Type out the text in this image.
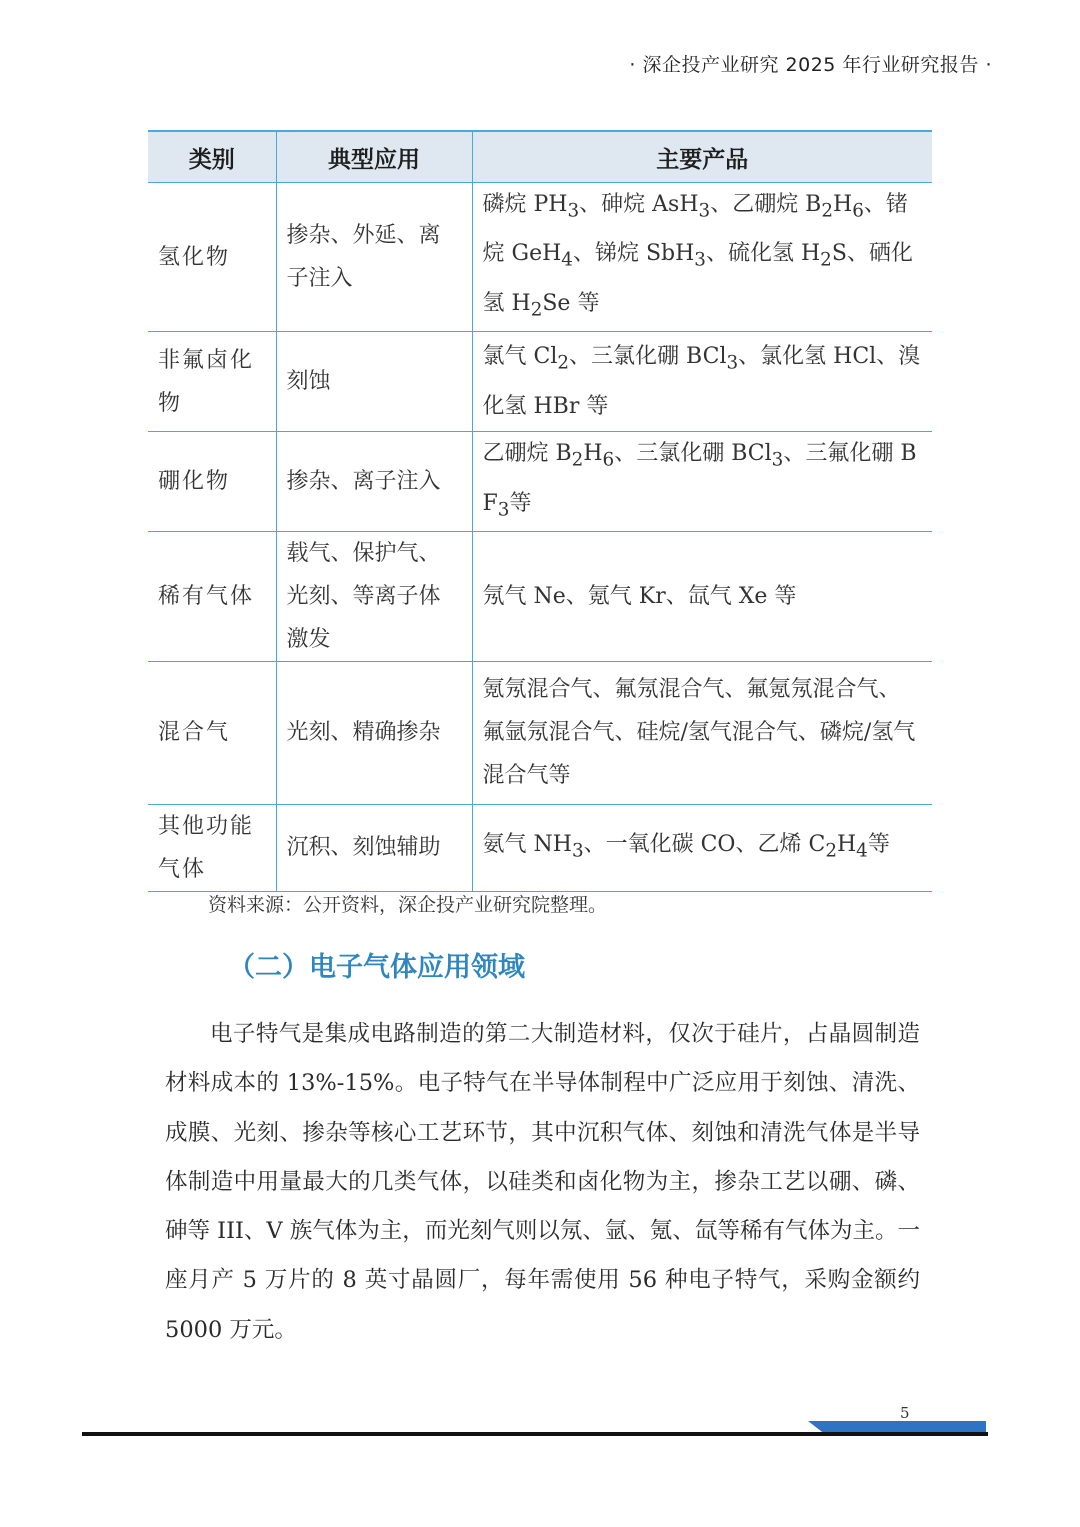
· 深企投产业研究 2025 年行业研究报告 ·
类别	典型应用	主要产品
氢化物	掺杂、外延、离子注入	磷烷 $PH_3$、砷烷 AsH$_3$、乙硼烷 $B_2H_6$、锗烷 GeH$_4$、锑烷 SbH$_3$、硫化氢 $H_2S$、硒化氢 $H_2Se$ 等
非氟卤化物	刻蚀	氯气 $Cl_2$、三氯化硼 BCl$_3$、氯化氢 HCl、溴化氢 HBr 等
硼化物	掺杂、离子注入	乙硼烷 $B_2H_6$、三氯化硼 BCl$_3$、三氟化硼 $BF_3$等
稀有气体	载气、保护气、光刻、等离子体激发	氖气 Ne、氪气 Kr、氙气 Xe 等
混合气	光刻、精确掺杂	氪氖混合气、氟氖混合气、氟氪氖混合气、氟氩氖混合气、硅烷/氢气混合气、磷烷/氢气混合气等
其他功能气体	沉积、刻蚀辅助	氨气 $NH_3$、一氧化碳 CO、乙烯 $C_2H_4$等
资料来源：公开资料，深企投产业研究院整理。
（二）电子气体应用领域

电子特气是集成电路制造的第二大制造材料，仅次于硅片，占晶圆制造材料成本的 13%-15%。电子特气在半导体制程中广泛应用于刻蚀、清洗、成膜、光刻、掺杂等核心工艺环节，其中沉积气体、刻蚀和清洗气体是半导体制造中用量最大的几类气体，以硅类和卤化物为主，掺杂工艺以硼、磷、砷等 III、V 族气体为主，而光刻气则以氖、氩、氪、氙等稀有气体为主。一座月产 5 万片的 8 英寸晶圆厂，每年需使用 56 种电子特气，采购金额约 5000 万元。

5
